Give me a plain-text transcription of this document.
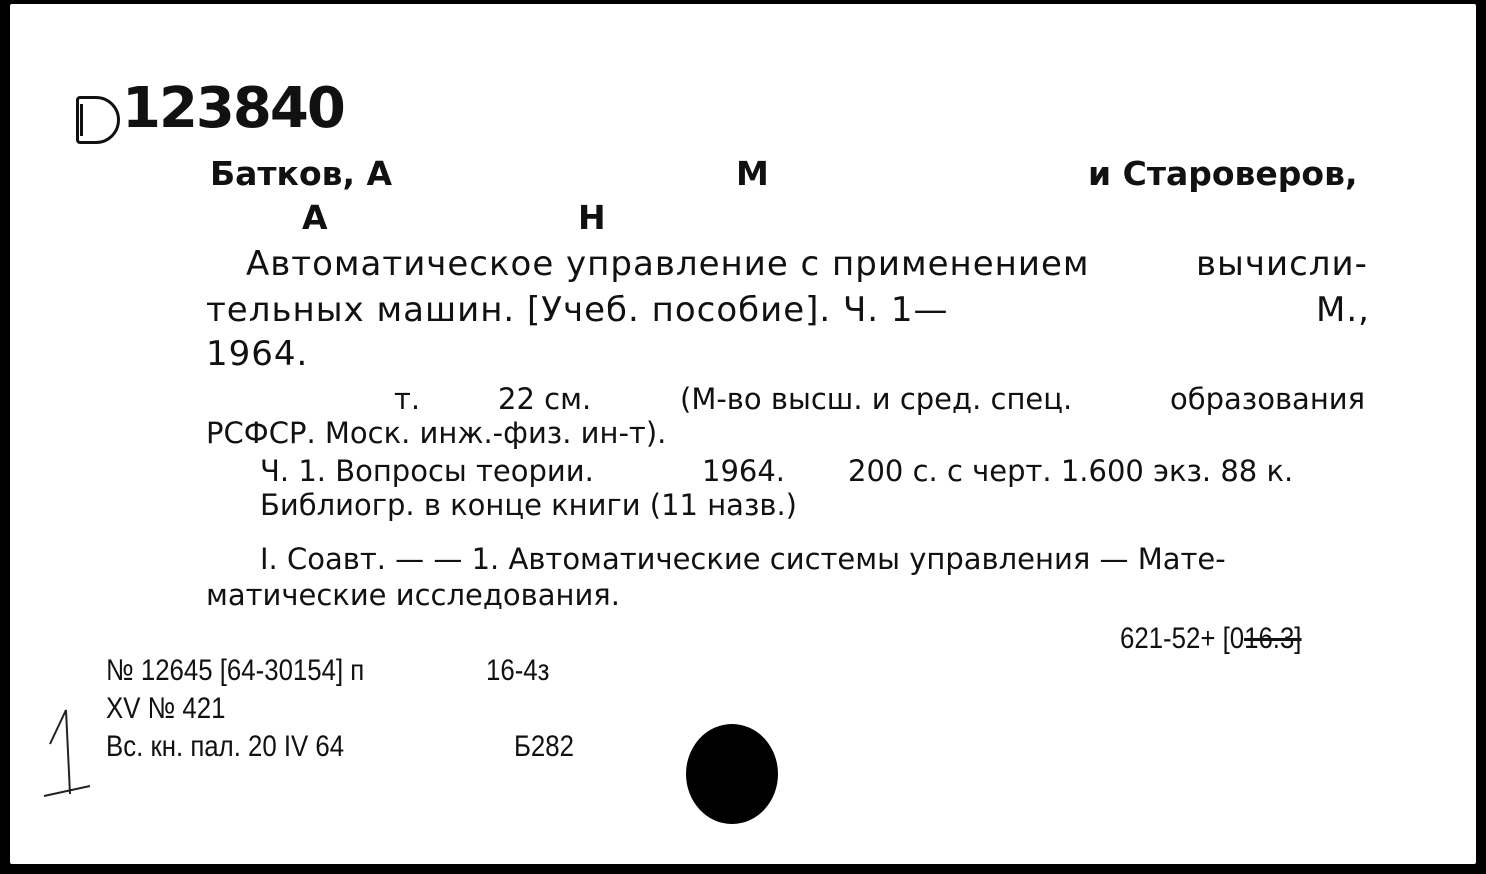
123840
Батков, А	М	и Староверов,
А	Н
Автоматическое управление с применением	вычисли-
тельных машин. [Учеб. пособие]. Ч. 1—	М.,
1964.
т.	22 см.	(М-во высш. и сред. спец.	образования
РСФСР. Моск. инж.-физ. ин-т).
Ч. 1. Вопросы теории.	1964. 200 с. с черт. 1.600 экз. 88 к.
Библиогр. в конце книги (11 назв.)
I. Соавт. — — 1. Автоматические системы управления — Мате-
матические исследования.
621-52+ [016.3]
№ 12645 [64-30154] п	16-4з
XV № 421
Вс. кн. пал. 20 IV 64	Б282
